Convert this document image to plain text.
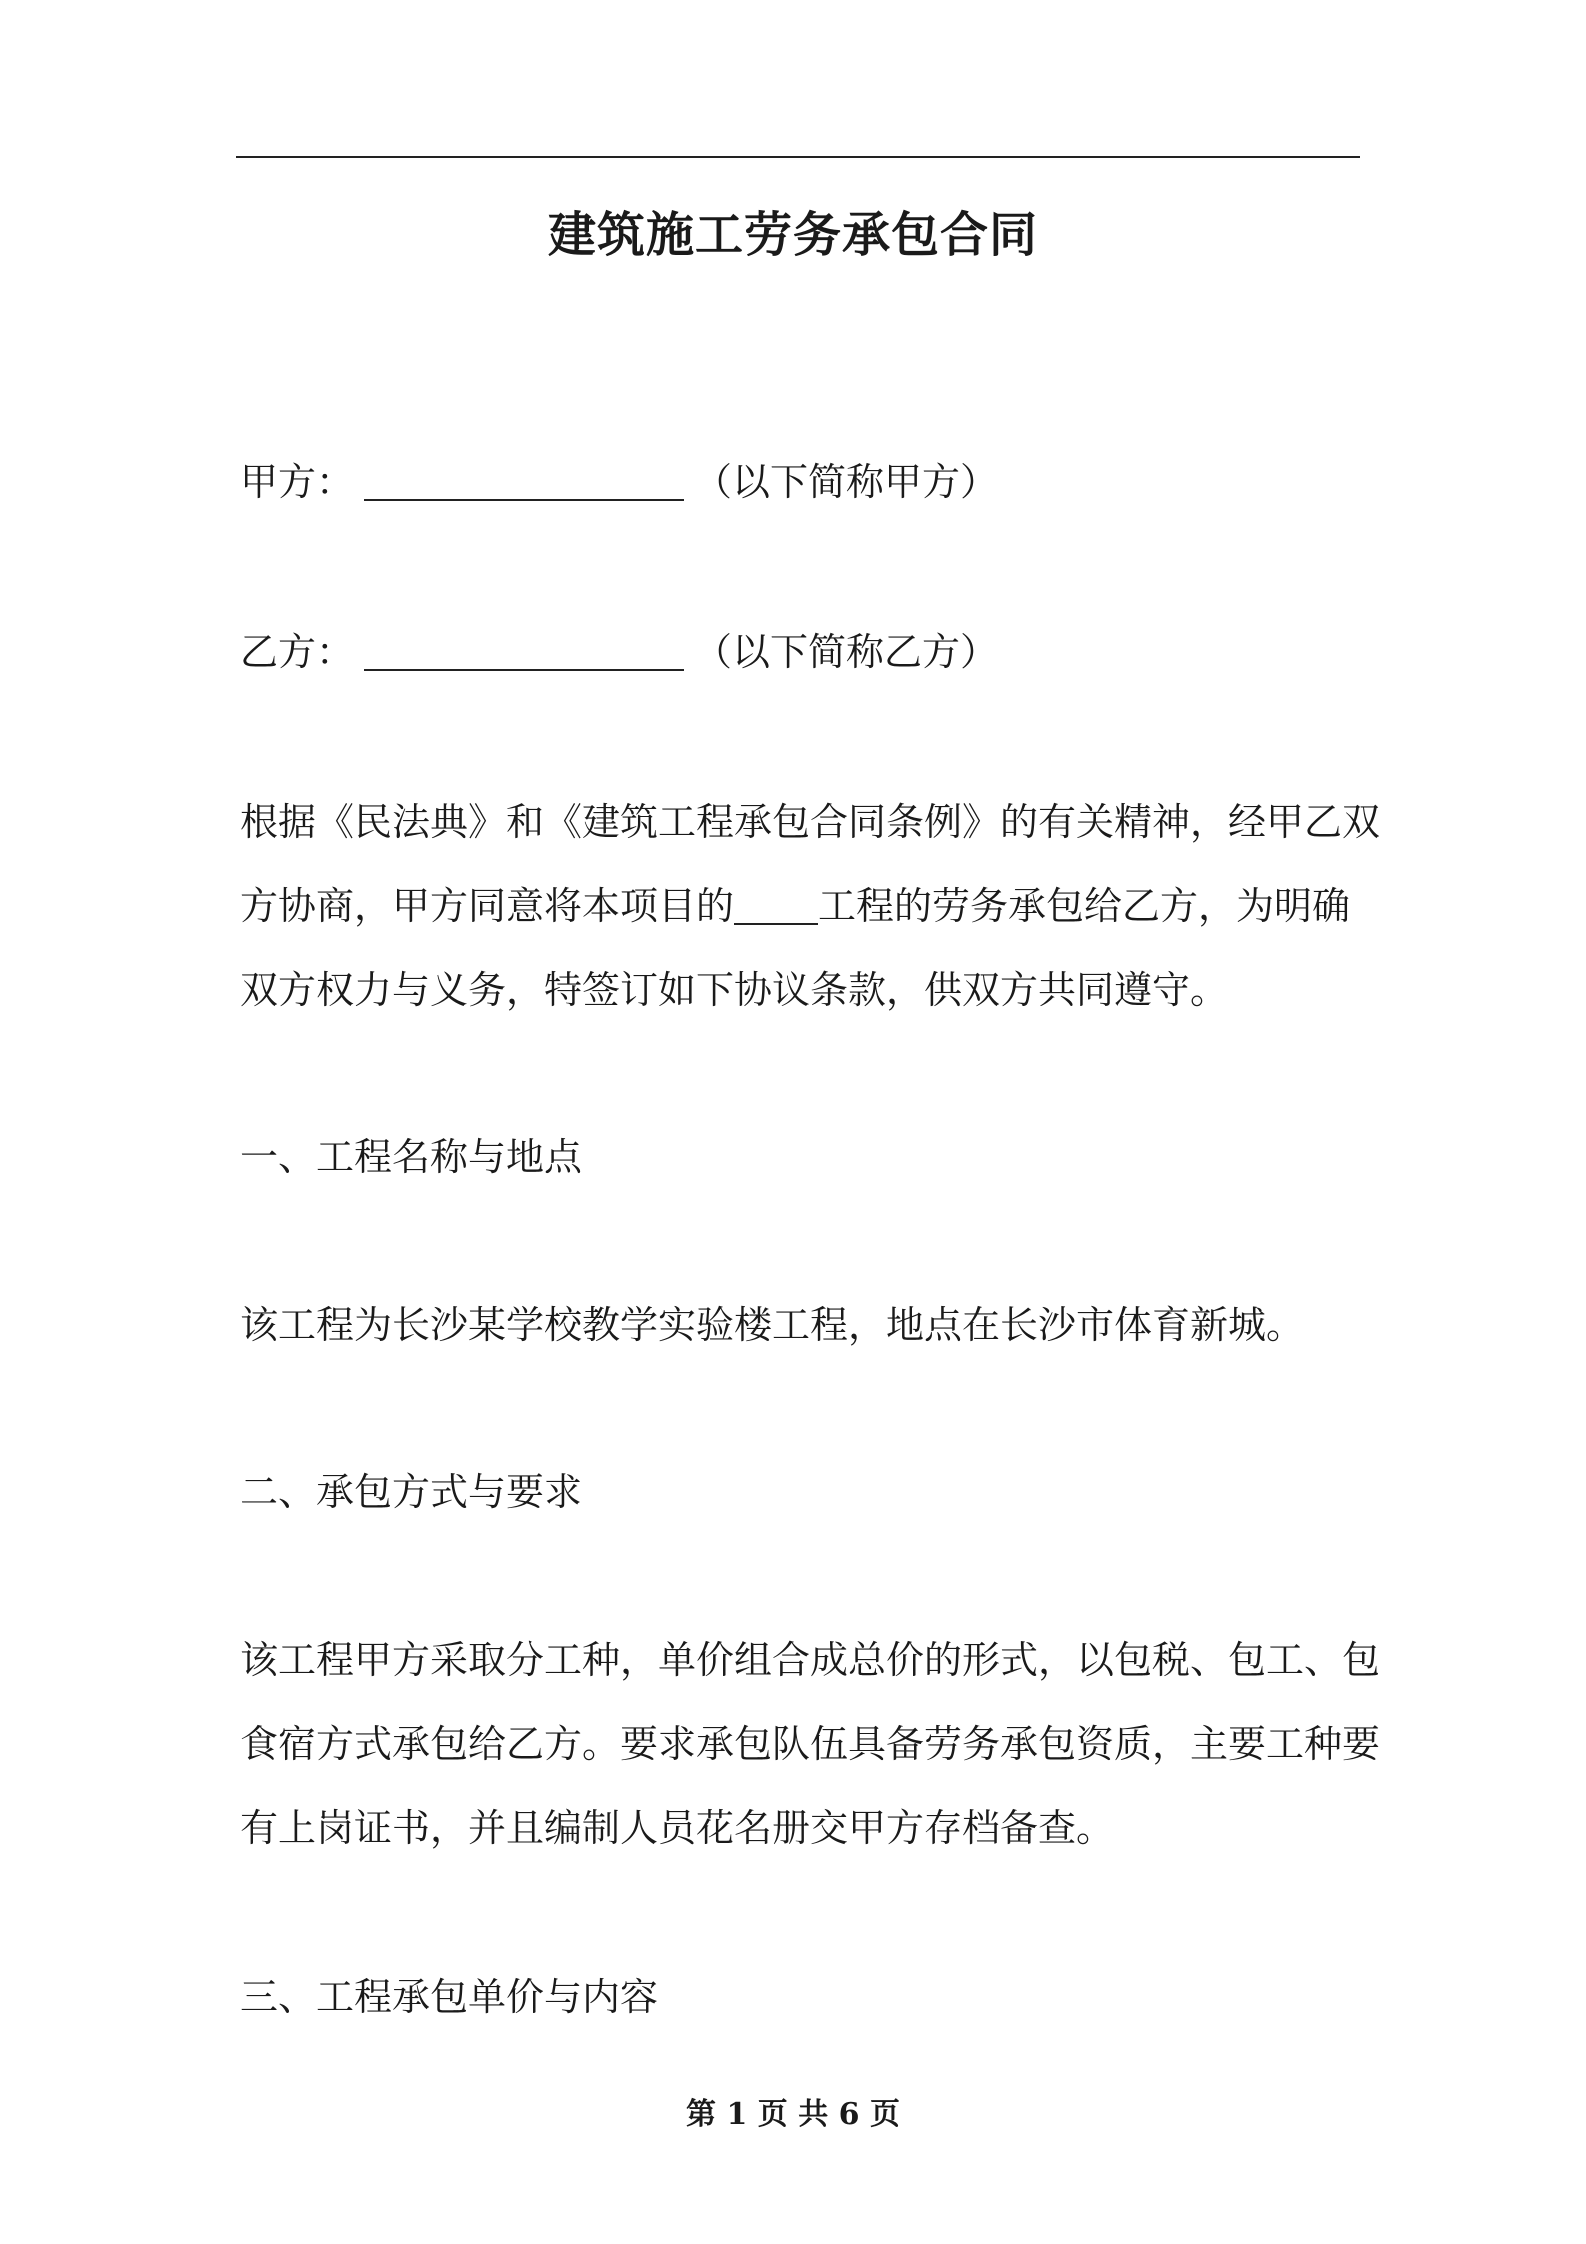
建筑施工劳务承包合同
甲方：	（以下简称甲方）
乙方：	（以下简称乙方）
根据《民法典》和《建筑工程承包合同条例》的有关精神，经甲乙双
方协商，甲方同意将本项目的 工程的劳务承包给乙方，为明确
双方权力与义务，特签订如下协议条款，供双方共同遵守。
一、工程名称与地点
该工程为长沙某学校教学实验楼工程，地点在长沙市体育新城。
二、承包方式与要求
该工程甲方采取分工种，单价组合成总价的形式，以包税、包工、包
食宿方式承包给乙方。要求承包队伍具备劳务承包资质，主要工种要
有上岗证书，并且编制人员花名册交甲方存档备查。
三、工程承包单价与内容
第 1 页 共 6 页
